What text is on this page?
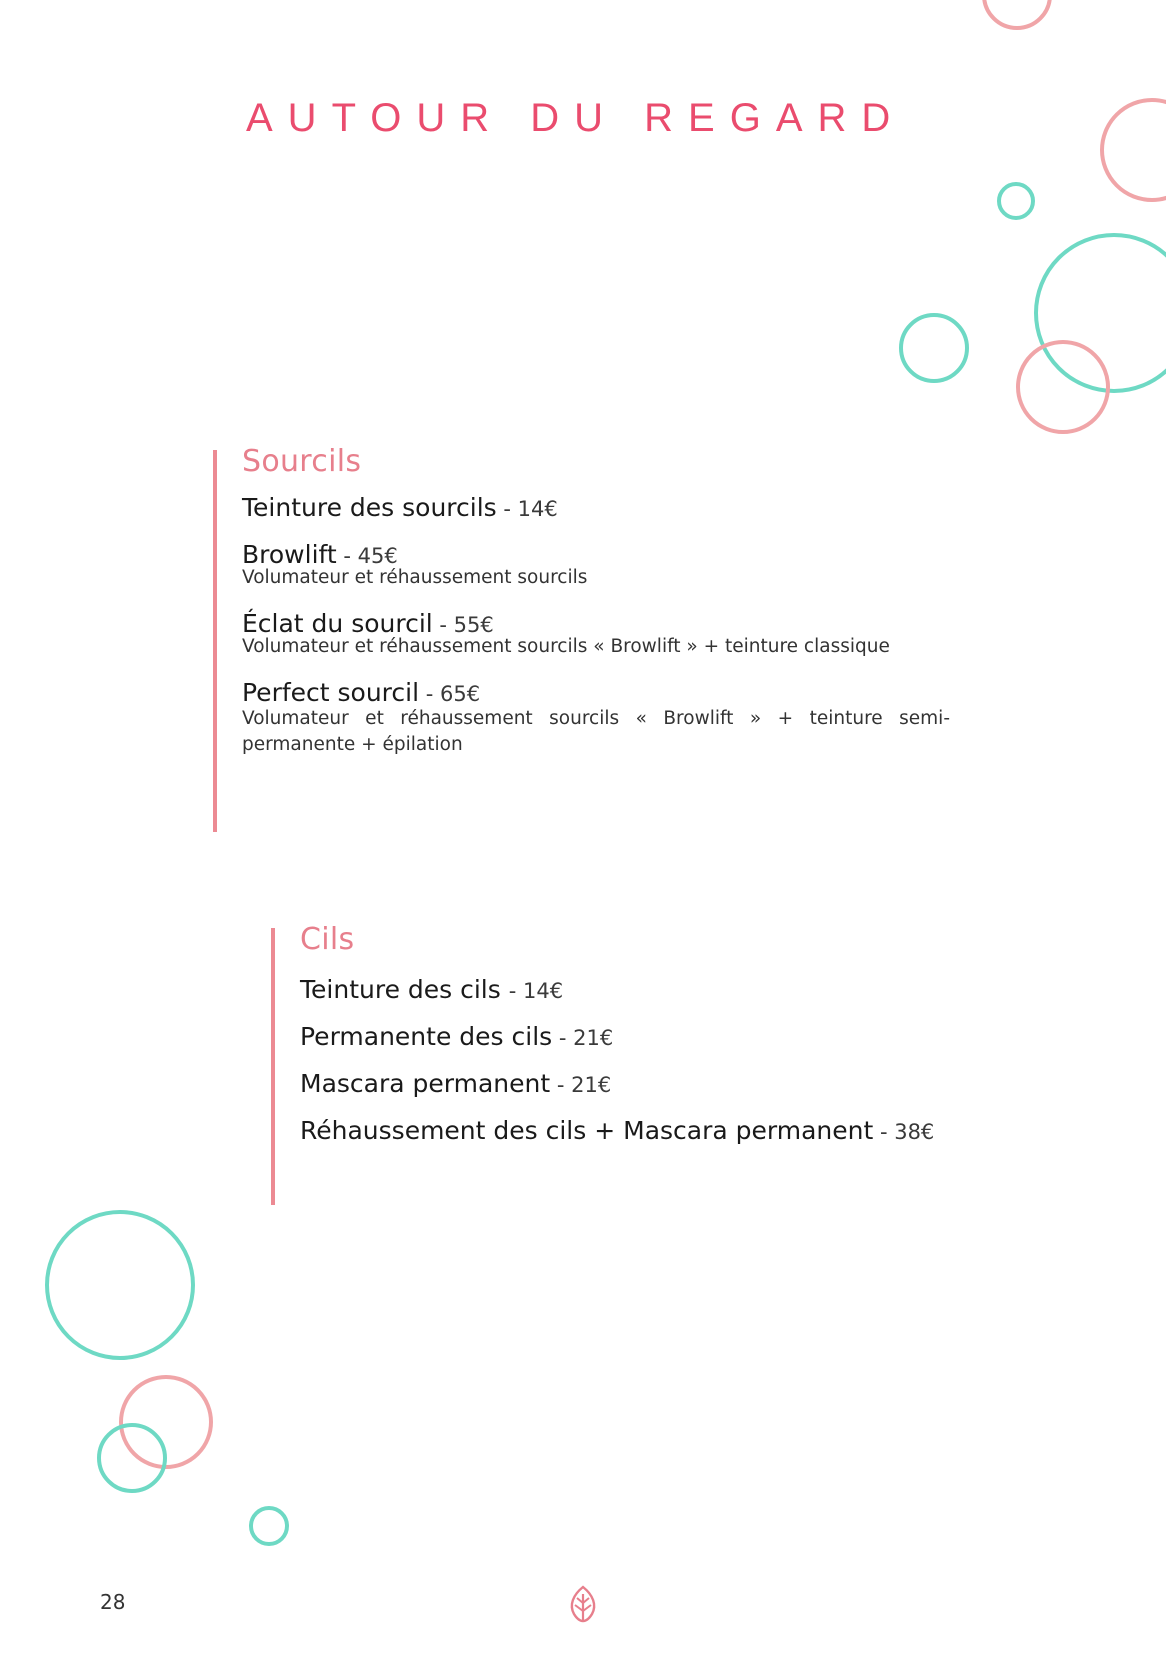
AUTOUR DU REGARD
Sourcils

Teinture des sourcils - 14€

Browlift - 45€

Volumateur et réhaussement sourcils

Éclat du sourcil - 55€

Volumateur et réhaussement sourcils « Browlift » + teinture classique

Perfect sourcil - 65€

Volumateur et réhaussement sourcils « Browlift » + teinture semi-permanente + épilation

Cils

Teinture des cils - 14€

Permanente des cils - 21€

Mascara permanent - 21€

Réhaussement des cils + Mascara permanent - 38€

28
